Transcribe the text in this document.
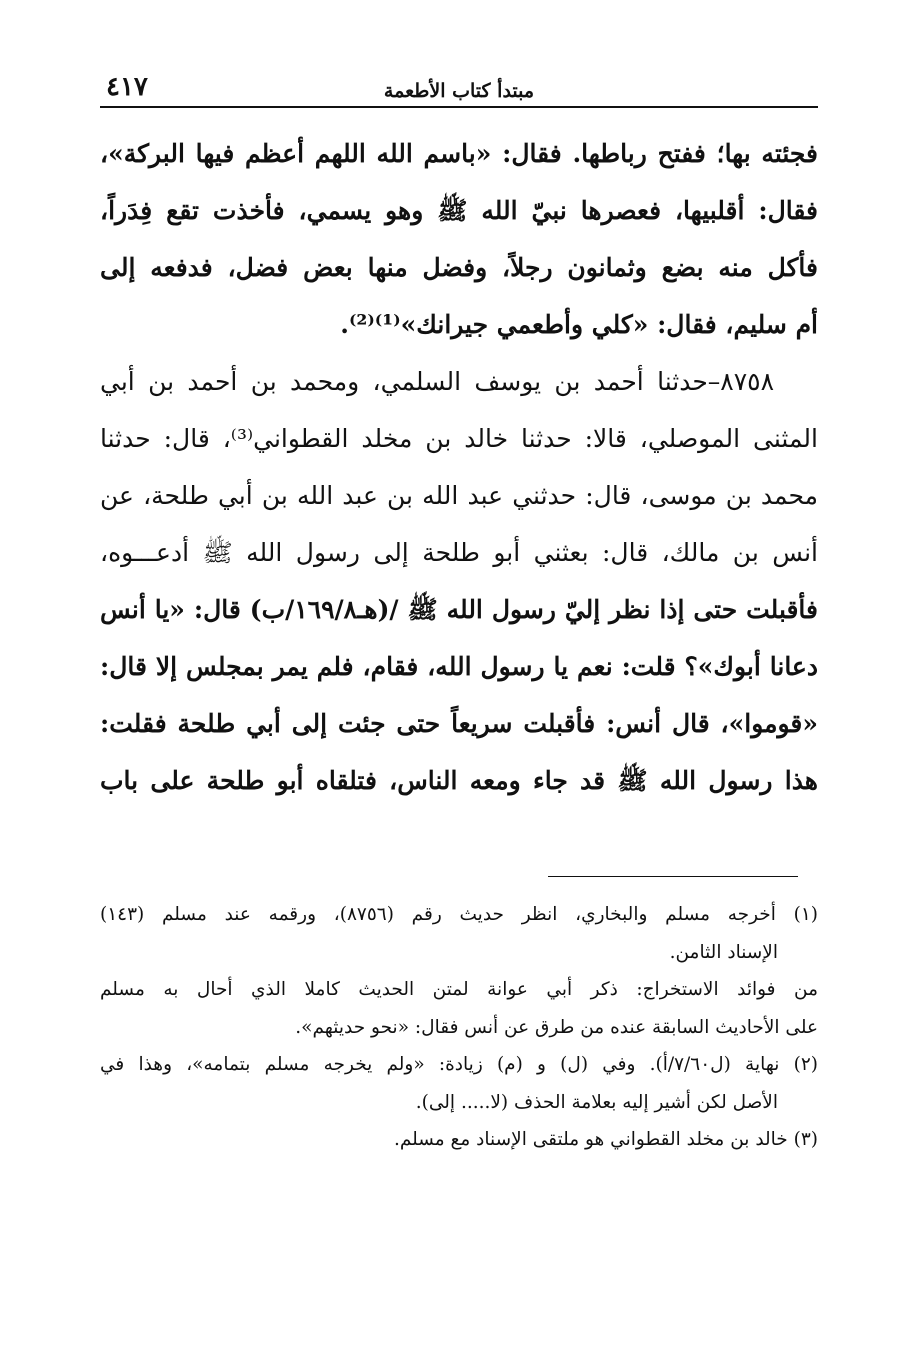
مبتدأ كتاب الأطعمة
٤١٧
فجئته بها؛ ففتح رباطها. فقال: «باسم الله اللهم أعظم فيها البركة»،
فقال: أقلبيها، فعصرها نبيّ الله ﷺ وهو يسمي، فأخذت تقع فِدَراً،
فأكل منه بضع وثمانون رجلاً، وفضل منها بعض فضل، فدفعه إلى
أم سليم، فقال: «كلي وأطعمي جيرانك»⁽¹⁾⁽²⁾.
٨٧٥٨–حدثنا أحمد بن يوسف السلمي، ومحمد بن أحمد بن أبي
المثنى الموصلي، قالا: حدثنا خالد بن مخلد القطواني⁽³⁾، قال: حدثنا
محمد بن موسى، قال: حدثني عبد الله بن عبد الله بن أبي طلحة، عن
أنس بن مالك، قال: بعثني أبو طلحة إلى رسول الله ﷺ أدعـــوه،
فأقبلت حتى إذا نظر إليّ رسول الله ﷺ /(هـ١٦٩/٨/ب) قال: «يا أنس
دعانا أبوك»؟ قلت: نعم يا رسول الله، فقام، فلم يمر بمجلس إلا قال:
«قوموا»، قال أنس: فأقبلت سريعاً حتى جئت إلى أبي طلحة فقلت:
هذا رسول الله ﷺ قد جاء ومعه الناس، فتلقاه أبو طلحة على باب
(١) أخرجه مسلم والبخاري، انظر حديث رقم (٨٧٥٦)، ورقمه عند مسلم (١٤٣)
الإسناد الثامن.
من فوائد الاستخراج: ذكر أبي عوانة لمتن الحديث كاملا الذي أحال به مسلم
على الأحاديث السابقة عنده من طرق عن أنس فقال: «نحو حديثهم».
(٢) نهاية (ل٧/٦٠/أ). وفي (ل) و (م) زيادة: «ولم يخرجه مسلم بتمامه»، وهذا في
الأصل لكن أشير إليه بعلامة الحذف (لا..... إلى).
(٣) خالد بن مخلد القطواني هو ملتقى الإسناد مع مسلم.
